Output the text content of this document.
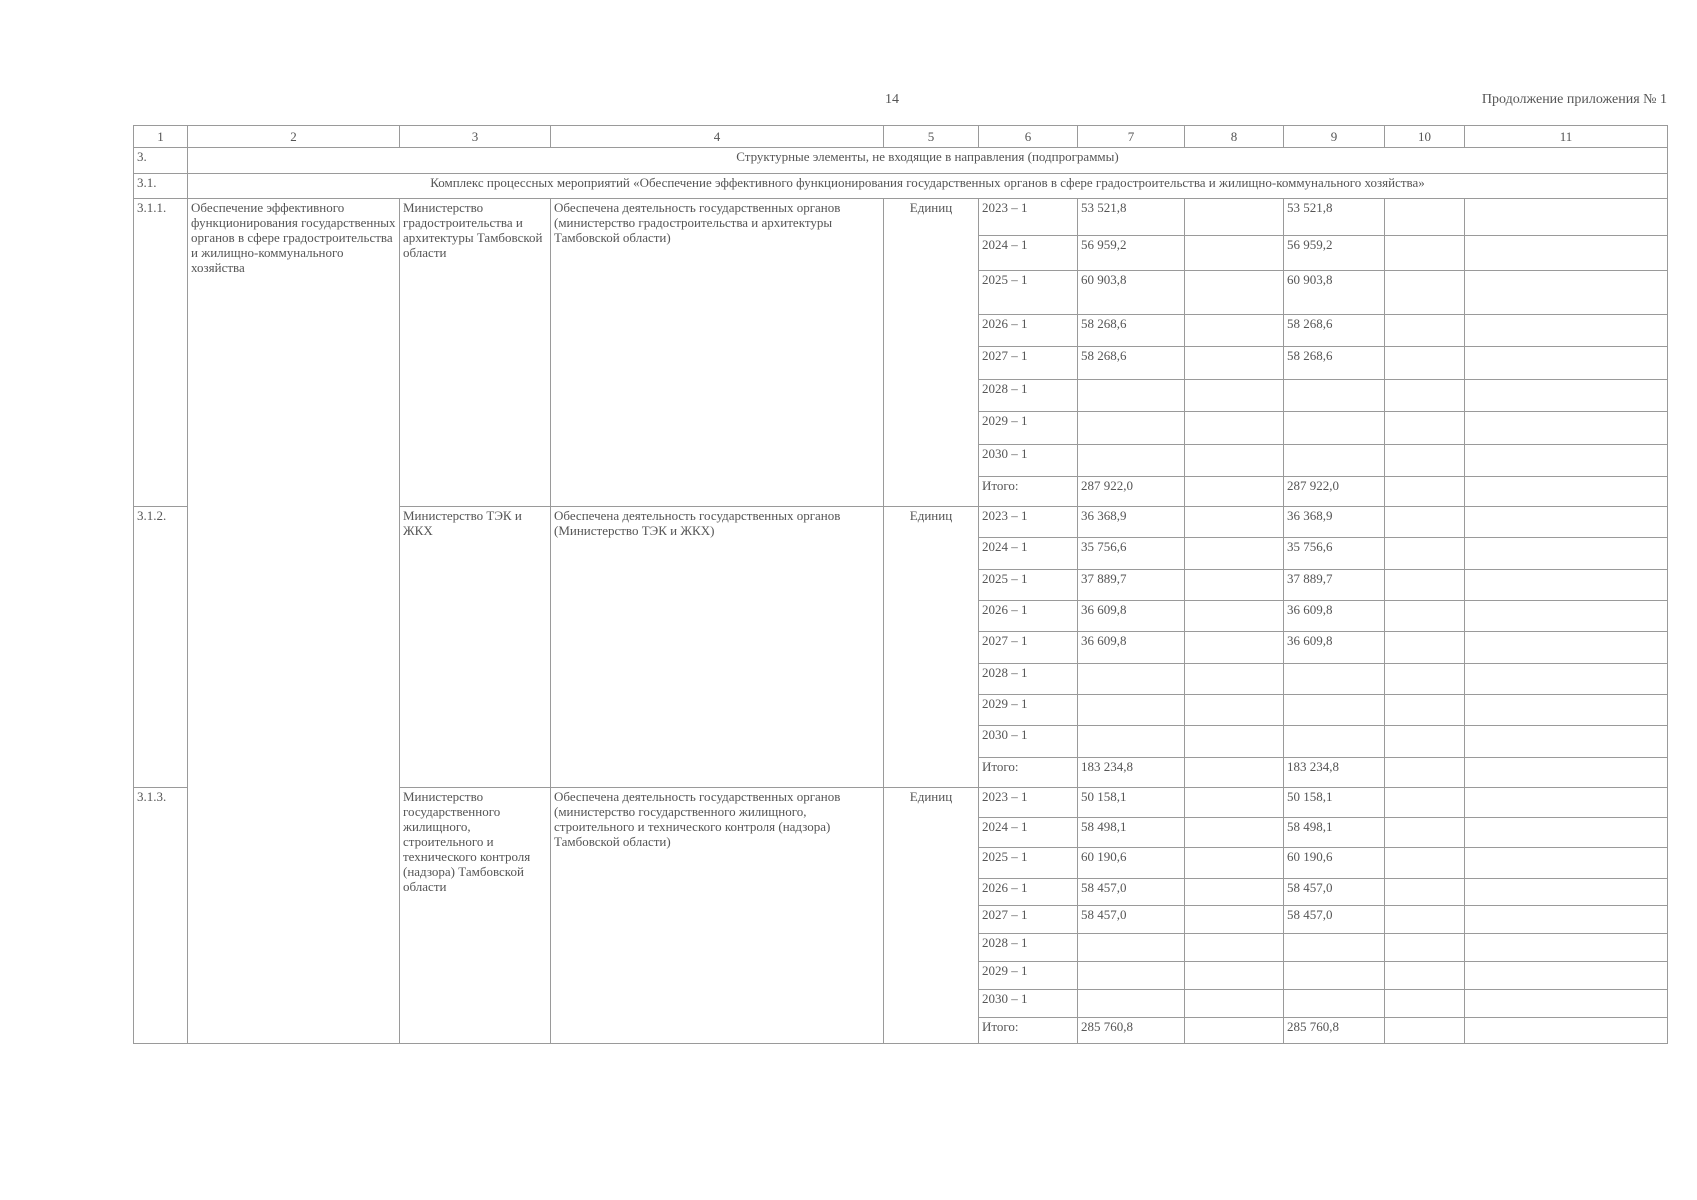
14	Продолжение приложения № 1
1	2	3	4	5	6	7	8	9	10	11
3.	Структурные элементы, не входящие в направления (подпрограммы)									
3.1.	Комплекс процессных мероприятий «Обеспечение эффективного функционирования государственных органов в сфере градостроительства и жилищно-коммунального хозяйства»									
3.1.1.	Обеспечение эффективного функционирования государственных органов в сфере градостроительства и жилищно-коммунального хозяйства	Министерство градостроительства и архитектуры Тамбовской области	Обеспечена деятельность государственных органов (министерство градостроительства и архитектуры Тамбовской области)	Единиц	2023 – 1	53 521,8		53 521,8		
					2024 – 1	56 959,2		56 959,2		
					2025 – 1	60 903,8		60 903,8		
					2026 – 1	58 268,6		58 268,6		
					2027 – 1	58 268,6		58 268,6		
					2028 – 1					
					2029 – 1					
					2030 – 1					
					Итого:	287 922,0		287 922,0		
3.1.2.		Министерство ТЭК и ЖКХ	Обеспечена деятельность государственных органов (Министерство ТЭК и ЖКХ)	Единиц	2023 – 1	36 368,9		36 368,9		
					2024 – 1	35 756,6		35 756,6		
					2025 – 1	37 889,7		37 889,7		
					2026 – 1	36 609,8		36 609,8		
					2027 – 1	36 609,8		36 609,8		
					2028 – 1					
					2029 – 1					
					2030 – 1					
					Итого:	183 234,8		183 234,8		
3.1.3.		Министерство государственного жилищного, строительного и технического контроля (надзора) Тамбовской области	Обеспечена деятельность государственных органов (министерство государственного жилищного, строительного и технического контроля (надзора) Тамбовской области)	Единиц	2023 – 1	50 158,1		50 158,1		
					2024 – 1	58 498,1		58 498,1		
					2025 – 1	60 190,6		60 190,6		
					2026 – 1	58 457,0		58 457,0		
					2027 – 1	58 457,0		58 457,0		
					2028 – 1					
					2029 – 1					
					2030 – 1					
					Итого:	285 760,8		285 760,8		
